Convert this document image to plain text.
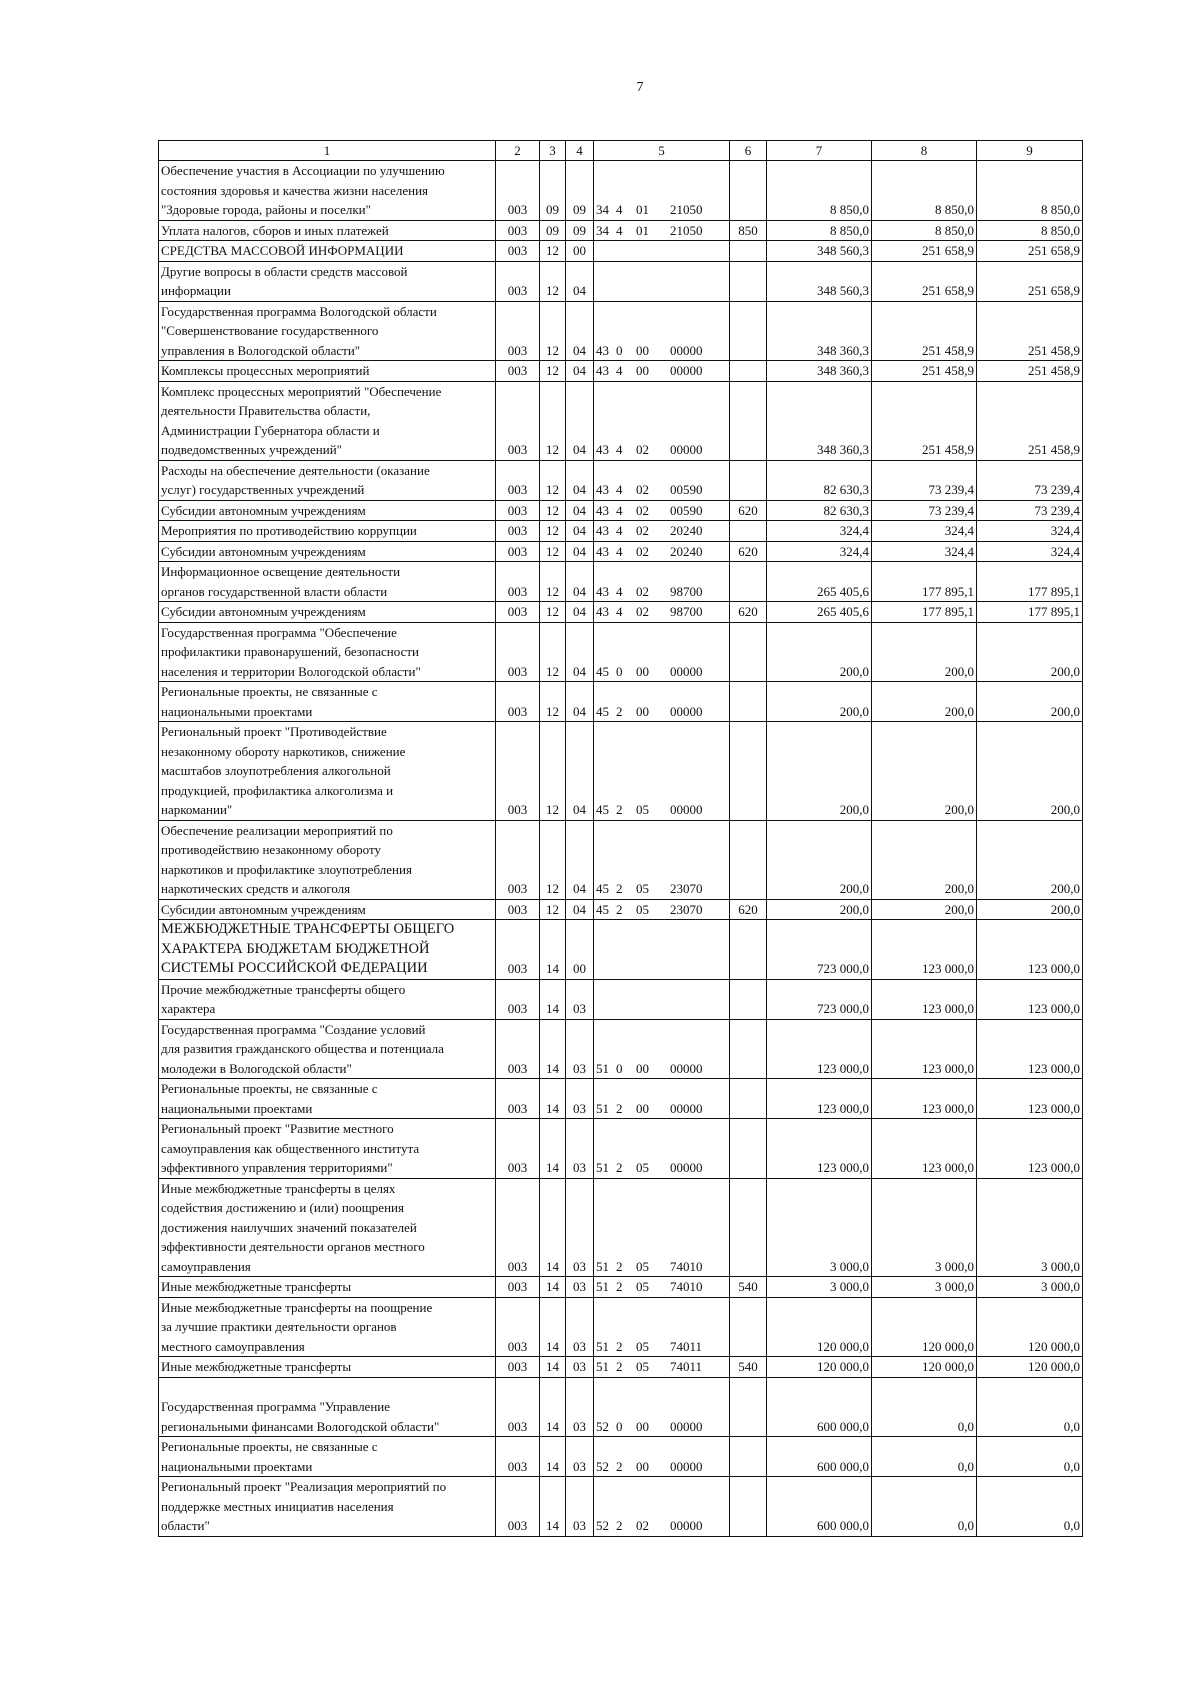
7
1	2	3	4	5	6	7	8	9
Обеспечение участия в Ассоциации по улучшению
состояния здоровья и качества жизни населения
"Здоровые города, районы и поселки"	003	09	09	34 4 01 21050		8 850,0	8 850,0	8 850,0
Уплата налогов, сборов и иных платежей	003	09	09	34 4 01 21050	850	8 850,0	8 850,0	8 850,0
СРЕДСТВА МАССОВОЙ ИНФОРМАЦИИ	003	12	00			348 560,3	251 658,9	251 658,9
Другие вопросы в области средств массовой
информации	003	12	04			348 560,3	251 658,9	251 658,9
Государственная программа Вологодской области
"Совершенствование государственного
управления в Вологодской области"	003	12	04	43 0 00 00000		348 360,3	251 458,9	251 458,9
Комплексы процессных мероприятий	003	12	04	43 4 00 00000		348 360,3	251 458,9	251 458,9
Комплекс процессных мероприятий "Обеспечение
деятельности Правительства области,
Администрации Губернатора области и
подведомственных учреждений"	003	12	04	43 4 02 00000		348 360,3	251 458,9	251 458,9
Расходы на обеспечение деятельности (оказание
услуг) государственных учреждений	003	12	04	43 4 02 00590		82 630,3	73 239,4	73 239,4
Субсидии автономным учреждениям	003	12	04	43 4 02 00590	620	82 630,3	73 239,4	73 239,4
Мероприятия по противодействию коррупции	003	12	04	43 4 02 20240		324,4	324,4	324,4
Субсидии автономным учреждениям	003	12	04	43 4 02 20240	620	324,4	324,4	324,4
Информационное освещение деятельности
органов государственной власти области	003	12	04	43 4 02 98700		265 405,6	177 895,1	177 895,1
Субсидии автономным учреждениям	003	12	04	43 4 02 98700	620	265 405,6	177 895,1	177 895,1
Государственная программа "Обеспечение
профилактики правонарушений, безопасности
населения и территории Вологодской области"	003	12	04	45 0 00 00000		200,0	200,0	200,0
Региональные проекты, не связанные с
национальными проектами	003	12	04	45 2 00 00000		200,0	200,0	200,0
Региональный проект "Противодействие
незаконному обороту наркотиков, снижение
масштабов злоупотребления алкогольной
продукцией, профилактика алкоголизма и
наркомании"	003	12	04	45 2 05 00000		200,0	200,0	200,0
Обеспечение реализации мероприятий по
противодействию незаконному обороту
наркотиков и профилактике злоупотребления
наркотических средств и алкоголя	003	12	04	45 2 05 23070		200,0	200,0	200,0
Субсидии автономным учреждениям	003	12	04	45 2 05 23070	620	200,0	200,0	200,0
МЕЖБЮДЖЕТНЫЕ ТРАНСФЕРТЫ ОБЩЕГО
ХАРАКТЕРА БЮДЖЕТАМ БЮДЖЕТНОЙ
СИСТЕМЫ РОССИЙСКОЙ ФЕДЕРАЦИИ	003	14	00			723 000,0	123 000,0	123 000,0
Прочие межбюджетные трансферты общего
характера	003	14	03			723 000,0	123 000,0	123 000,0
Государственная программа "Создание условий
для развития гражданского общества и потенциала
молодежи в Вологодской области"	003	14	03	51 0 00 00000		123 000,0	123 000,0	123 000,0
Региональные проекты, не связанные с
национальными проектами	003	14	03	51 2 00 00000		123 000,0	123 000,0	123 000,0
Региональный проект "Развитие местного
самоуправления как общественного института
эффективного управления территориями"	003	14	03	51 2 05 00000		123 000,0	123 000,0	123 000,0
Иные межбюджетные трансферты в целях
содействия достижению и (или) поощрения
достижения наилучших значений показателей
эффективности деятельности органов местного
самоуправления	003	14	03	51 2 05 74010		3 000,0	3 000,0	3 000,0
Иные межбюджетные трансферты	003	14	03	51 2 05 74010	540	3 000,0	3 000,0	3 000,0
Иные межбюджетные трансферты на поощрение
за лучшие практики деятельности органов
местного самоуправления	003	14	03	51 2 05 74011		120 000,0	120 000,0	120 000,0
Иные межбюджетные трансферты	003	14	03	51 2 05 74011	540	120 000,0	120 000,0	120 000,0

Государственная программа "Управление
региональными финансами Вологодской области"	003	14	03	52 0 00 00000		600 000,0	0,0	0,0
Региональные проекты, не связанные с
национальными проектами	003	14	03	52 2 00 00000		600 000,0	0,0	0,0
Региональный проект "Реализация мероприятий по
поддержке местных инициатив населения
области"	003	14	03	52 2 02 00000		600 000,0	0,0	0,0
